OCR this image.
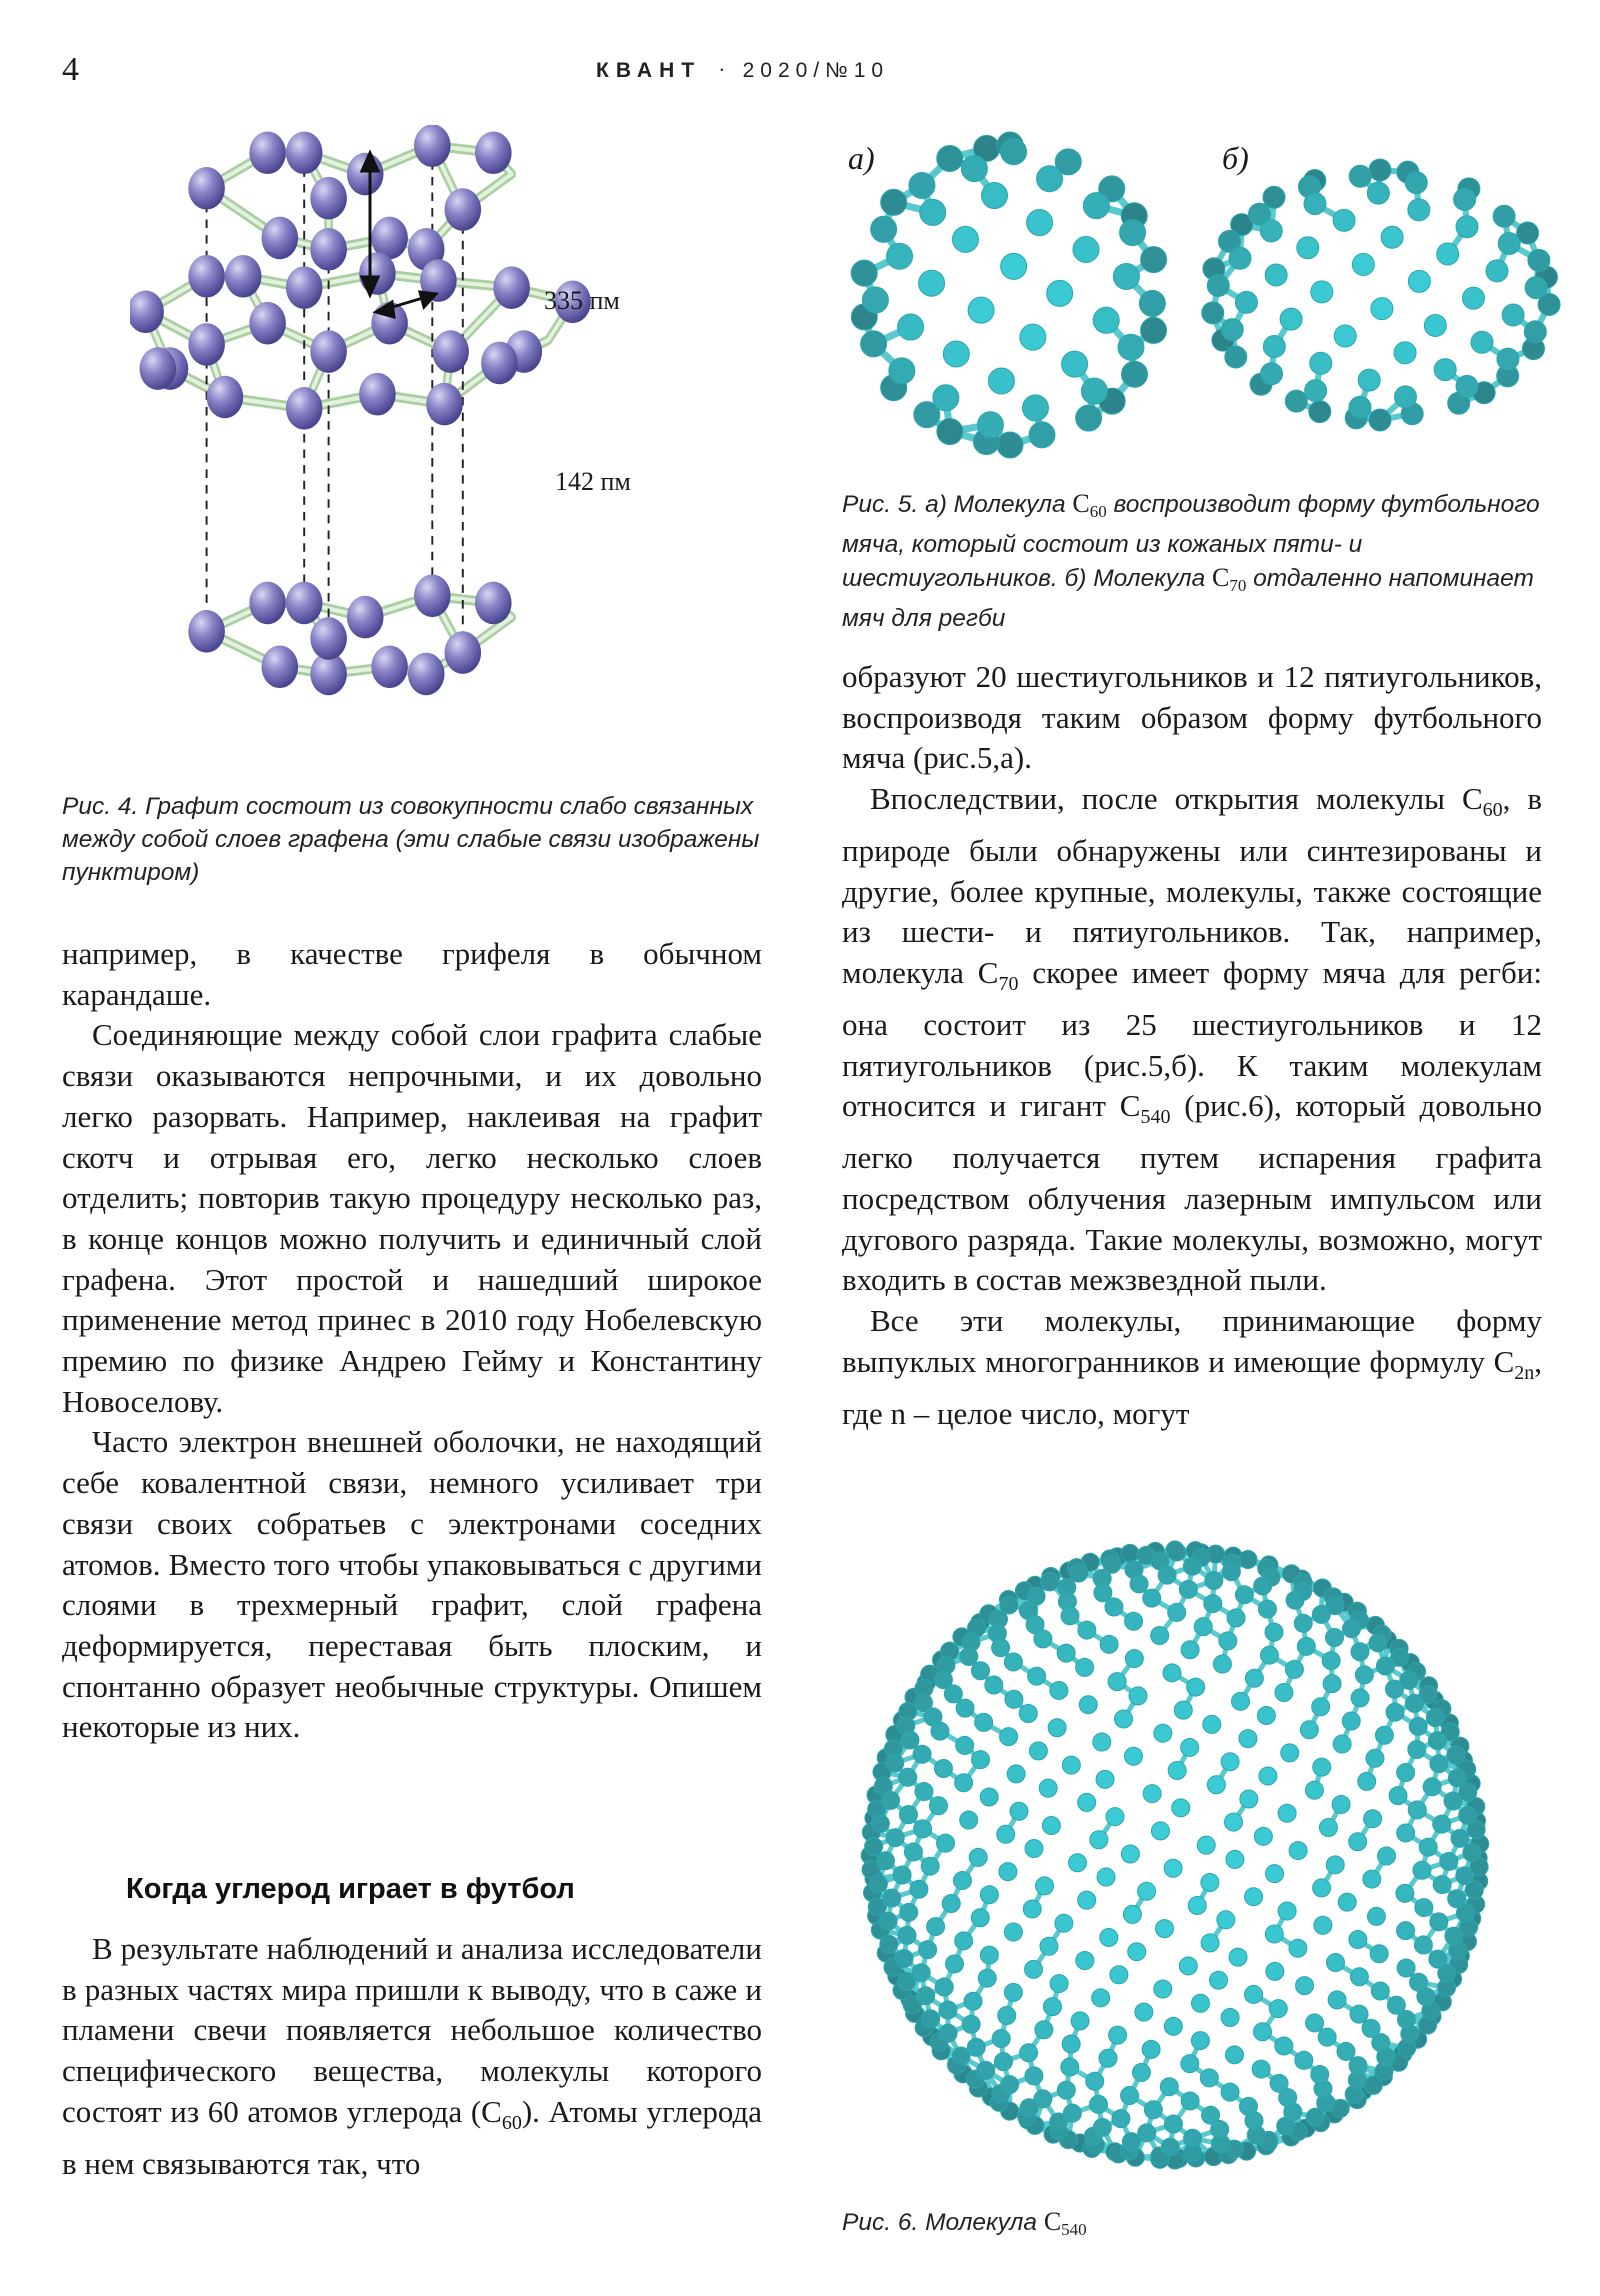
4	КВАНТ · 2020/№10
335 пм
142 пм
Рис. 4. Графит состоит из совокупности слабо связанных между собой слоев графена (эти слабые связи изображены пунктиром)
а)	б)
Рис. 5. а) Молекула $C_{60}$ воспроизводит форму футбольного мяча, который состоит из кожаных пяти- и шестиугольников. б) Молекула $C_{70}$ отдаленно напоминает мяч для регби

например, в качестве грифеля в обычном карандаше.

Соединяющие между собой слои графита слабые связи оказываются непрочными, и их довольно легко разорвать. Например, наклеивая на графит скотч и отрывая его, легко несколько слоев отделить; повторив такую процедуру несколько раз, в конце концов можно получить и единичный слой графена. Этот простой и нашедший широкое применение метод принес в 2010 году Нобелевскую премию по физике Андрею Гейму и Константину Новоселову.

Часто электрон внешней оболочки, не находящий себе ковалентной связи, немного усиливает три связи своих собратьев с электронами соседних атомов. Вместо того чтобы упаковываться с другими слоями в трехмерный графит, слой графена деформируется, переставая быть плоским, и спонтанно образует необычные структуры. Опишем некоторые из них.

Когда углерод играет в футбол

В результате наблюдений и анализа исследователи в разных частях мира пришли к выводу, что в саже и пламени свечи появляется небольшое количество специфического вещества, молекулы которого состоят из 60 атомов углерода $(C_{60})$. Атомы углерода в нем связываются так, что

образуют 20 шестиугольников и 12 пятиугольников, воспроизводя таким образом форму футбольного мяча (рис.5,а).

Впоследствии, после открытия молекулы $C_{60}$, в природе были обнаружены или синтезированы и другие, более крупные, молекулы, также состоящие из шести- и пятиугольников. Так, например, молекула $C_{70}$ скорее имеет форму мяча для регби: она состоит из 25 шестиугольников и 12 пятиугольников (рис.5,б). К таким молекулам относится и гигант $C_{540}$ (рис.6), который довольно легко получается путем испарения графита посредством облучения лазерным импульсом или дугового разряда. Такие молекулы, возможно, могут входить в состав межзвездной пыли.

Все эти молекулы, принимающие форму выпуклых многогранников и имеющие формулу $C_{2n}$, где n – целое число, могут

Рис. 6. Молекула $C_{540}$
